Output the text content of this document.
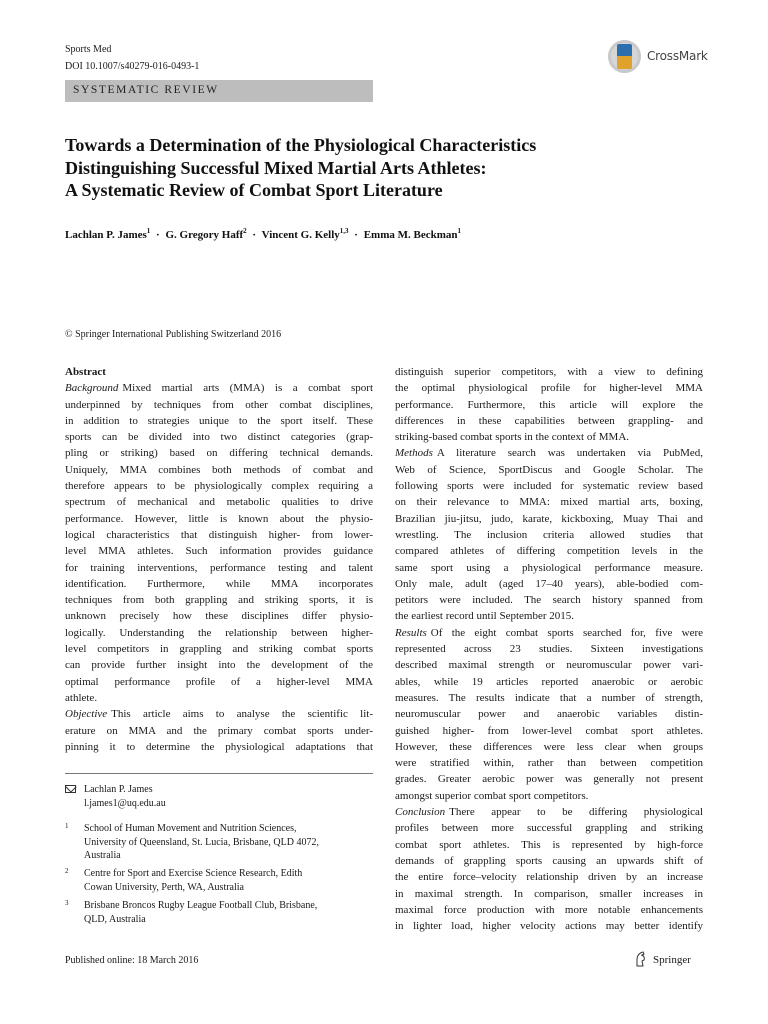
Sports Med
DOI 10.1007/s40279-016-0493-1
CrossMark
SYSTEMATIC REVIEW
Towards a Determination of the Physiological Characteristics
Distinguishing Successful Mixed Martial Arts Athletes:
A Systematic Review of Combat Sport Literature
Lachlan P. James$^1$ · G. Gregory Haff$^2$ · Vincent G. Kelly$^{1,3}$ · Emma M. Beckman$^1$
© Springer International Publishing Switzerland 2016
Abstract
Background Mixed martial arts (MMA) is a combat sport
underpinned by techniques from other combat disciplines,
in addition to strategies unique to the sport itself. These
sports can be divided into two distinct categories (grap-
pling or striking) based on differing technical demands.
Uniquely, MMA combines both methods of combat and
therefore appears to be physiologically complex requiring a
spectrum of mechanical and metabolic qualities to drive
performance. However, little is known about the physio-
logical characteristics that distinguish higher- from lower-
level MMA athletes. Such information provides guidance
for training interventions, performance testing and talent
identification. Furthermore, while MMA incorporates
techniques from both grappling and striking sports, it is
unknown precisely how these disciplines differ physio-
logically. Understanding the relationship between higher-
level competitors in grappling and striking combat sports
can provide further insight into the development of the
optimal performance profile of a higher-level MMA
athlete.
Objective This article aims to analyse the scientific lit-
erature on MMA and the primary combat sports under-
pinning it to determine the physiological adaptations that
distinguish superior competitors, with a view to defining
the optimal physiological profile for higher-level MMA
performance. Furthermore, this article will explore the
differences in these capabilities between grappling- and
striking-based combat sports in the context of MMA.
Methods A literature search was undertaken via PubMed,
Web of Science, SportDiscus and Google Scholar. The
following sports were included for systematic review based
on their relevance to MMA: mixed martial arts, boxing,
Brazilian jiu-jitsu, judo, karate, kickboxing, Muay Thai and
wrestling. The inclusion criteria allowed studies that
compared athletes of differing competition levels in the
same sport using a physiological performance measure.
Only male, adult (aged 17–40 years), able-bodied com-
petitors were included. The search history spanned from
the earliest record until September 2015.
Results Of the eight combat sports searched for, five were
represented across 23 studies. Sixteen investigations
described maximal strength or neuromuscular power vari-
ables, while 19 articles reported anaerobic or aerobic
measures. The results indicate that a number of strength,
neuromuscular power and anaerobic variables distin-
guished higher- from lower-level combat sport athletes.
However, these differences were less clear when groups
were stratified within, rather than between competition
grades. Greater aerobic power was generally not present
amongst superior combat sport competitors.
Conclusion There appear to be differing physiological
profiles between more successful grappling and striking
combat sport athletes. This is represented by high-force
demands of grappling sports causing an upwards shift of
the entire force–velocity relationship driven by an increase
in maximal strength. In comparison, smaller increases in
maximal force production with more notable enhancements
in lighter load, higher velocity actions may better identify
Lachlan P. James
l.james1@uq.edu.au
1 School of Human Movement and Nutrition Sciences,
University of Queensland, St. Lucia, Brisbane, QLD 4072,
Australia
2 Centre for Sport and Exercise Science Research, Edith
Cowan University, Perth, WA, Australia
3 Brisbane Broncos Rugby League Football Club, Brisbane,
QLD, Australia
Published online: 18 March 2016	Springer
